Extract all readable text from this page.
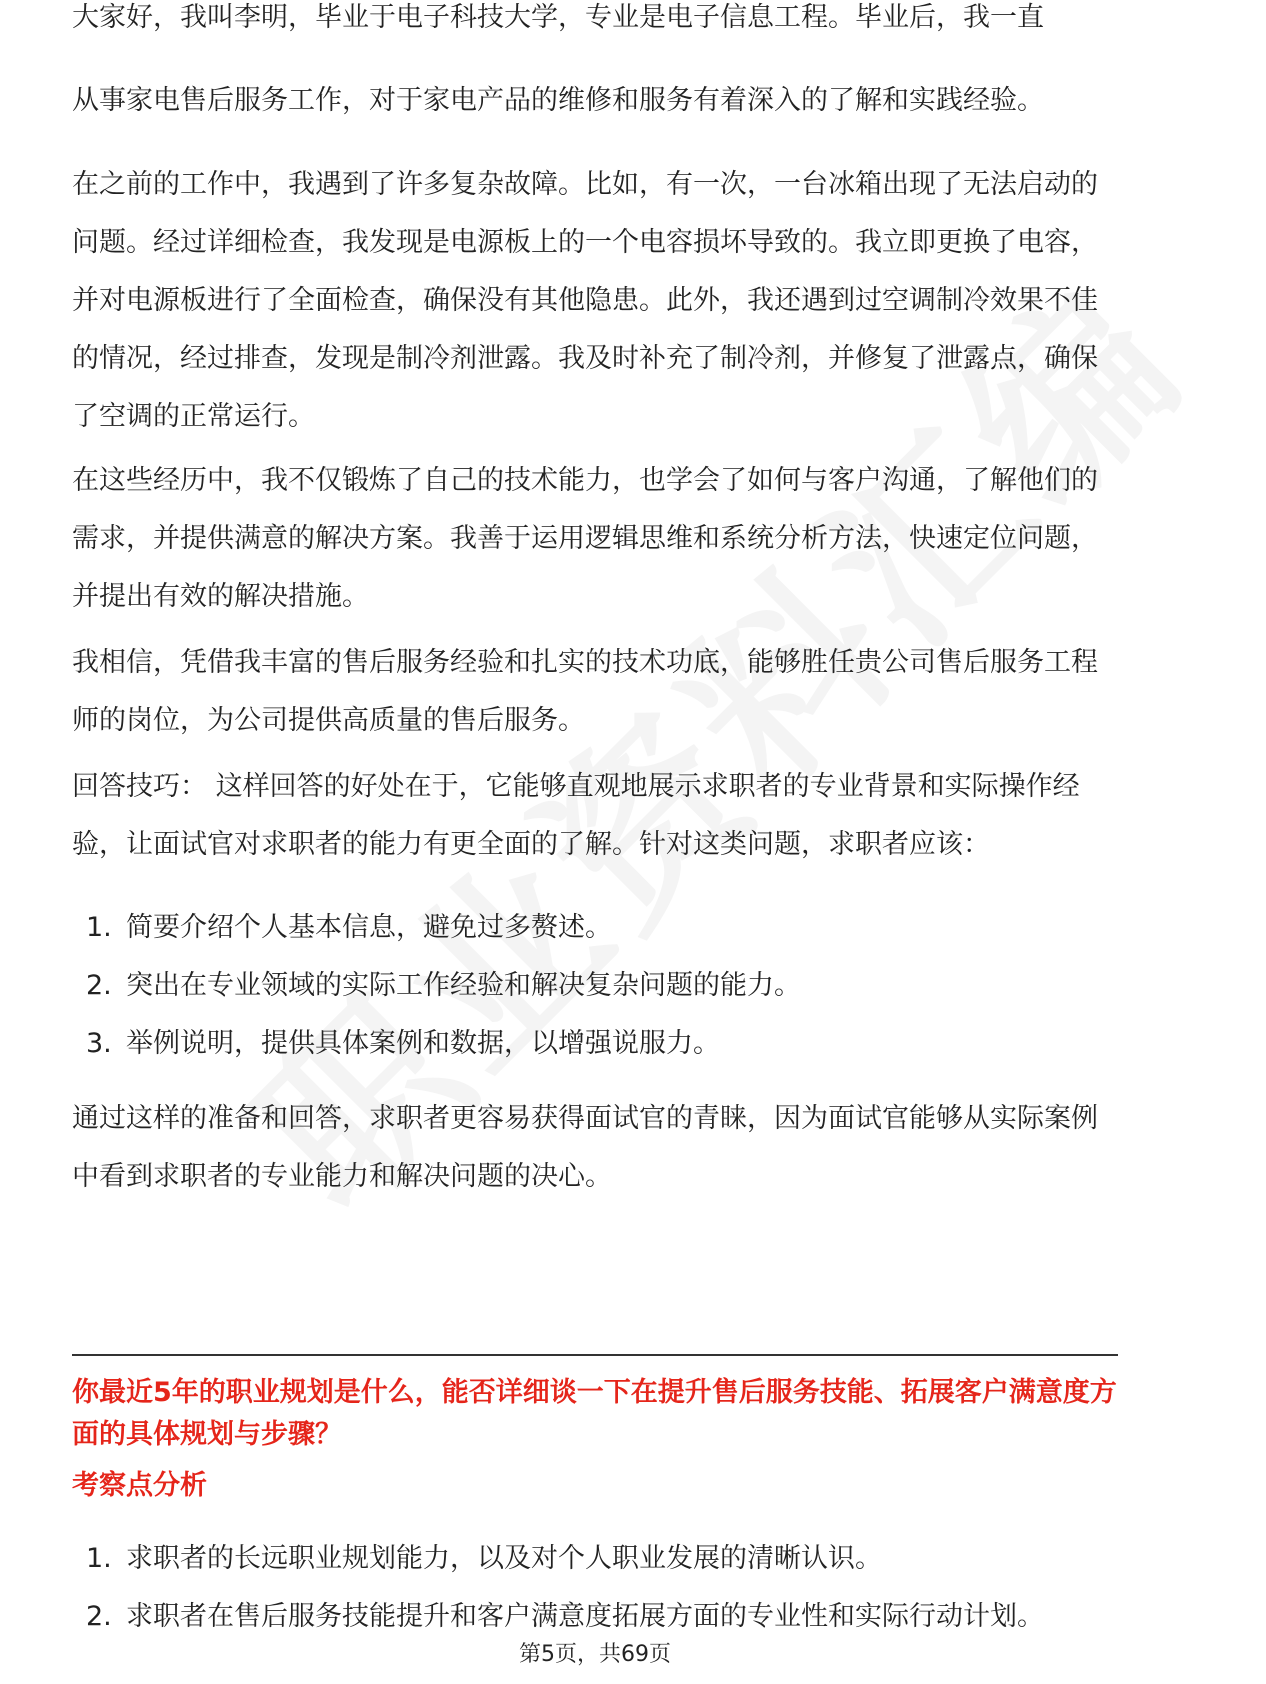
大家好，我叫李明，毕业于电子科技大学，专业是电子信息工程。毕业后，我一直

从事家电售后服务工作，对于家电产品的维修和服务有着深入的了解和实践经验。

在之前的工作中，我遇到了许多复杂故障。比如，有一次，一台冰箱出现了无法启动的问题。经过详细检查，我发现是电源板上的一个电容损坏导致的。我立即更换了电容，并对电源板进行了全面检查，确保没有其他隐患。此外，我还遇到过空调制冷效果不佳的情况，经过排查，发现是制冷剂泄露。我及时补充了制冷剂，并修复了泄露点，确保了空调的正常运行。

在这些经历中，我不仅锻炼了自己的技术能力，也学会了如何与客户沟通，了解他们的需求，并提供满意的解决方案。我善于运用逻辑思维和系统分析方法，快速定位问题，并提出有效的解决措施。

我相信，凭借我丰富的售后服务经验和扎实的技术功底，能够胜任贵公司售后服务工程师的岗位，为公司提供高质量的售后服务。

回答技巧： 这样回答的好处在于，它能够直观地展示求职者的专业背景和实际操作经验，让面试官对求职者的能力有更全面的了解。针对这类问题，求职者应该：

1. 简要介绍个人基本信息，避免过多赘述。
2. 突出在专业领域的实际工作经验和解决复杂问题的能力。
3. 举例说明，提供具体案例和数据，以增强说服力。

通过这样的准备和回答，求职者更容易获得面试官的青睐，因为面试官能够从实际案例中看到求职者的专业能力和解决问题的决心。

你最近5年的职业规划是什么，能否详细谈一下在提升售后服务技能、拓展客户满意度方面的具体规划与步骤？

考察点分析

1. 求职者的长远职业规划能力，以及对个人职业发展的清晰认识。
2. 求职者在售后服务技能提升和客户满意度拓展方面的专业性和实际行动计划。
第5页，共69页
